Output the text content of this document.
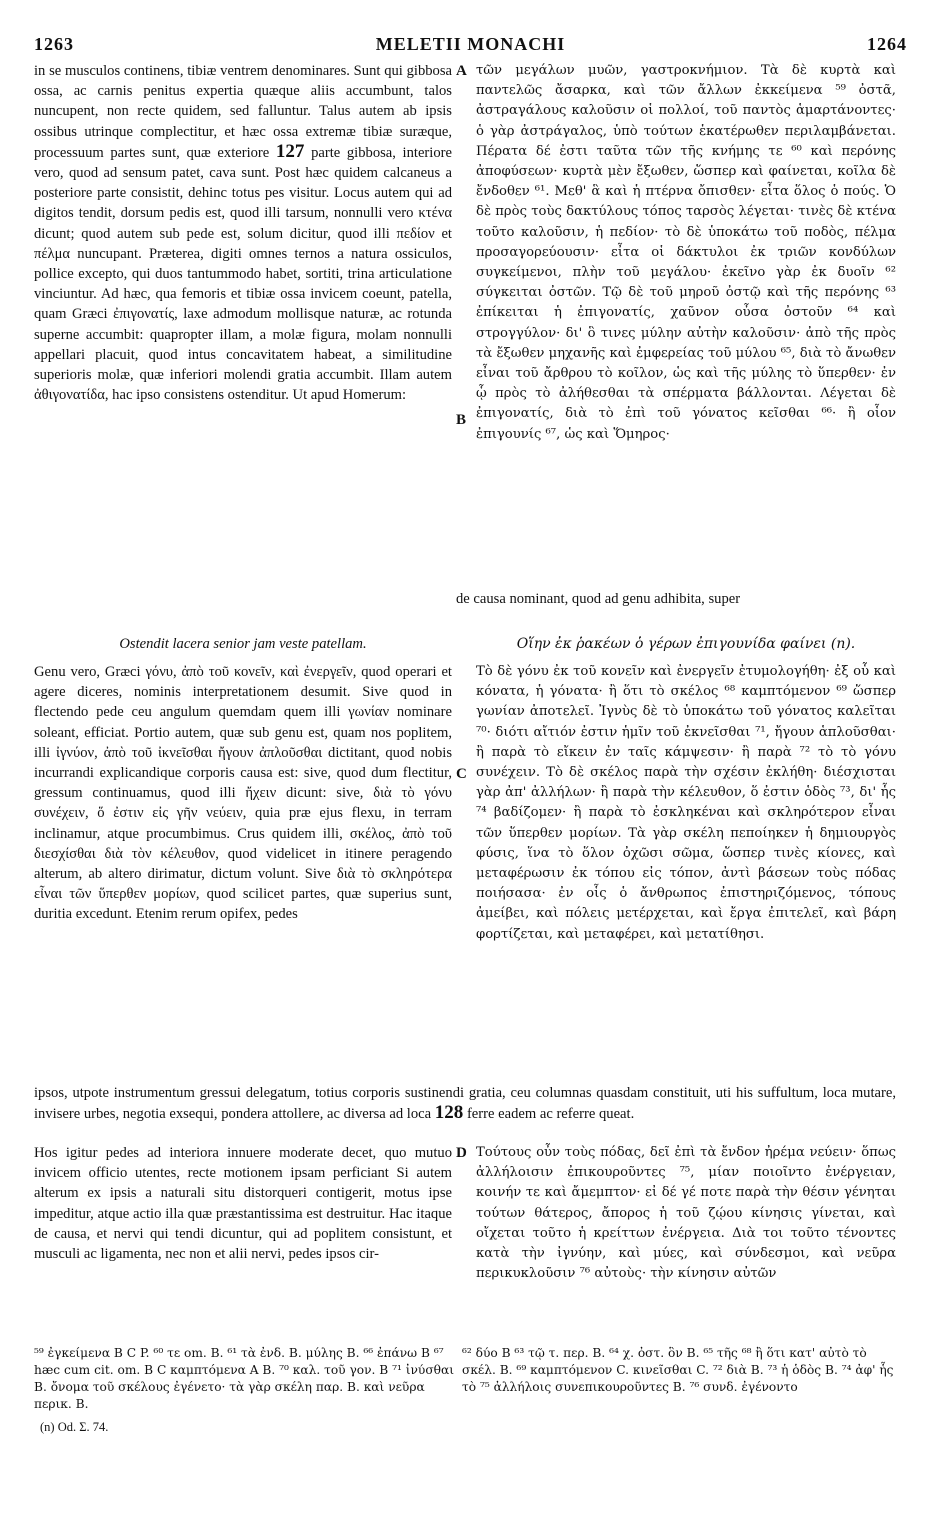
1263	MELETII MONACHI	1264

in se musculos continens, tibiæ ventrem denominares. Sunt qui gibbosa ossa, ac carnis penitus expertia quæque aliis accumbunt, talos nuncupent, non recte quidem, sed falluntur. Talus autem ab ipsis ossibus utrinque complectitur, et hæc ossa extremæ tibiæ suræque, processuum partes sunt, quæ exteriore 127 parte gibbosa, interiore vero, quod ad sensum patet, cava sunt. Post hæc quidem calcaneus a posteriore parte consistit, dehinc totus pes visitur. Locus autem qui ad digitos tendit, dorsum pedis est, quod illi tarsum, nonnulli vero κτένα dicunt; quod autem sub pede est, solum dicitur, quod illi πεδίον et πέλμα nuncupant. Præterea, digiti omnes ternos a natura ossiculos, pollice excepto, qui duos tantummodo habet, sortiti, trina articulatione vinciuntur. Ad hæc, qua femoris et tibiæ ossa invicem coeunt, patella, quam Græci ἐπιγονατίς, laxe admodum mollisque naturæ, ac rotunda superne accumbit: quapropter illam, a molæ figura, molam nonnulli appellari placuit, quod intus concavitatem habeat, a similitudine superioris molæ, quæ inferiori molendi gratia accumbit. Illam autem ἀθιγονατίδα, hac ipso consistens ostenditur. Ut apud Homerum:

τῶν μεγάλων μυῶν, γαστροκνήμιον. Τὰ δὲ κυρτὰ καὶ παντελῶς ἄσαρκα, καὶ τῶν ἄλλων ἐκκείμενα ⁵⁹ ὀστᾶ, ἀστραγάλους καλοῦσιν οἱ πολλοί, τοῦ παντὸς ἁμαρτάνοντες· ὁ γὰρ ἀστράγαλος, ὑπὸ τούτων ἑκατέρωθεν περιλαμβάνεται. Πέρατα δέ ἐστι ταῦτα τῶν τῆς κνήμης τε ⁶⁰ καὶ περόνης ἀποφύσεων· κυρτὰ μὲν ἔξωθεν, ὥσπερ καὶ φαίνεται, κοῖλα δὲ ἔνδοθεν ⁶¹. Μεθ' ἃ καὶ ἡ πτέρνα ὄπισθεν· εἶτα ὅλος ὁ πούς. Ὁ δὲ πρὸς τοὺς δακτύλους τόπος ταρσὸς λέγεται· τινὲς δὲ κτένα τοῦτο καλοῦσιν, ἡ πεδίον· τὸ δὲ ὑποκάτω τοῦ ποδὸς, πέλμα προσαγορεύουσιν· εἶτα οἱ δάκτυλοι ἐκ τριῶν κονδύλων συγκείμενοι, πλὴν τοῦ μεγάλου· ἐκεῖνο γὰρ ἐκ δυοῖν ⁶² σύγκειται ὀστῶν. Τῷ δὲ τοῦ μηροῦ ὀστῷ καὶ τῆς περόνης ⁶³ ἐπίκειται ἡ ἐπιγονατίς, χαῦνον οὖσα ὀστοῦν ⁶⁴ καὶ στρογγύλον· δι' ὃ τινες μύλην αὐτὴν καλοῦσιν· ἀπὸ τῆς πρὸς τὰ ἔξωθεν μηχανῆς καὶ ἐμφερείας τοῦ μύλου ⁶⁵, διὰ τὸ ἄνωθεν εἶναι τοῦ ἄρθρου τὸ κοῖλον, ὡς καὶ τῆς μύλης τὸ ὕπερθεν· ἐν ᾧ πρὸς τὸ ἀλήθεσθαι τὰ σπέρματα βάλλονται. Λέγεται δὲ ἐπιγονατίς, διὰ τὸ ἐπὶ τοῦ γόνατος κεῖσθαι ⁶⁶· ἢ οἷον ἐπιγουνίς ⁶⁷, ὡς καὶ Ὅμηρος·

de causa nominant, quod ad genu adhibita, super
Ostendit lacera senior jam veste patellam.	Οἵην ἐκ ῥακέων ὁ γέρων ἐπιγουνίδα φαίνει (n).

Genu vero, Græci γόνυ, ἀπὸ τοῦ κονεῖν, καὶ ἐνεργεῖν, quod operari et agere diceres, nominis interpretationem desumit. Sive quod in flectendo pede ceu angulum quemdam quem illi γωνίαν nominare soleant, efficiat. Portio autem, quæ sub genu est, quam nos poplitem, illi ἰγνύον, ἀπὸ τοῦ ἰκνεῖσθαι ἤγουν ἀπλοῦσθαι dictitant, quod nobis incurrandi explicandique corporis causa est: sive, quod dum flectitur, gressum continuamus, quod illi ἤχειν dicunt: sive, διὰ τὸ γόνυ συνέχειν, ὅ ἐστιν εἰς γῆν νεύειν, quia præ ejus flexu, in terram inclinamur, atque procumbimus. Crus quidem illi, σκέλος, ἀπὸ τοῦ διεσχίσθαι διὰ τὸν κέλευθον, quod videlicet in itinere peragendo alterum, ab altero dirimatur, dictum volunt. Sive διὰ τὸ σκληρότερα εἶναι τῶν ὕπερθεν μορίων, quod scilicet partes, quæ superius sunt, duritia excedunt. Etenim rerum opifex, pedes

Τὸ δὲ γόνυ ἐκ τοῦ κονεῖν καὶ ἐνεργεῖν ἐτυμολογήθη· ἐξ οὗ καὶ κόνατα, ἡ γόνατα· ἢ ὅτι τὸ σκέλος ⁶⁸ καμπτόμενον ⁶⁹ ὥσπερ γωνίαν ἀποτελεῖ. Ἰγνὺς δὲ τὸ ὑποκάτω τοῦ γόνατος καλεῖται ⁷⁰· διότι αἴτιόν ἐστιν ἡμῖν τοῦ ἐκνεῖσθαι ⁷¹, ἤγουν ἁπλοῦσθαι· ἢ παρὰ τὸ εἴκειν ἐν ταῖς κάμψεσιν· ἢ παρὰ ⁷² τὸ τὸ γόνυ συνέχειν. Τὸ δὲ σκέλος παρὰ τὴν σχέσιν ἐκλήθη· διέσχισται γὰρ ἀπ' ἀλλήλων· ἢ παρὰ τὴν κέλευθον, ὅ ἐστιν ὁδὸς ⁷³, δι' ἧς ⁷⁴ βαδίζομεν· ἢ παρὰ τὸ ἐσκληκέναι καὶ σκληρότερον εἶναι τῶν ὕπερθεν μορίων. Τὰ γὰρ σκέλη πεποίηκεν ἡ δημιουργὸς φύσις, ἵνα τὸ ὅλον ὀχῶσι σῶμα, ὥσπερ τινὲς κίονες, καὶ μεταφέρωσιν ἐκ τόπου εἰς τόπον, ἀντὶ βάσεων τοὺς πόδας ποιήσασα· ἐν οἷς ὁ ἄνθρωπος ἐπιστηριζόμενος, τόπους ἀμείβει, καὶ πόλεις μετέρχεται, καὶ ἔργα ἐπιτελεῖ, καὶ βάρη φορτίζεται, καὶ μεταφέρει, καὶ μετατίθησι.

ipsos, utpote instrumentum gressui delegatum, totius corporis sustinendi gratia, ceu columnas quasdam constituit, uti his suffultum, loca mutare, invisere urbes, negotia exsequi, pondera attollere, ac diversa ad loca 128 ferre eadem ac referre queat.

Hos igitur pedes ad interiora innuere moderate decet, quo mutuo invicem officio utentes, recte motionem ipsam perficiant Si autem alterum ex ipsis a naturali situ distorqueri contigerit, motus ipse impeditur, atque actio illa quæ præstantissima est destruitur. Hac itaque de causa, et nervi qui tendi dicuntur, qui ad poplitem consistunt, et musculi ac ligamenta, nec non et alii nervi, pedes ipsos cir-

Τούτους οὖν τοὺς πόδας, δεῖ ἐπὶ τὰ ἔνδον ἠρέμα νεύειν· ὅπως ἀλλήλοισιν ἐπικουροῦντες ⁷⁵, μίαν ποιοῖντο ἐνέργειαν, κοινήν τε καὶ ἄμεμπτον· εἰ δέ γέ ποτε παρὰ τὴν θέσιν γένηται τούτων θάτερος, ἄπορος ἡ τοῦ ζῴου κίνησις γίνεται, καὶ οἴχεται τοῦτο ἡ κρείττων ἐνέργεια. Διὰ τοι τοῦτο τένοντες κατὰ τὴν ἰγνύην, καὶ μύες, καὶ σύνδεσμοι, καὶ νεῦρα περικυκλοῦσιν ⁷⁶ αὐτοὺς· τὴν κίνησιν αὐτῶν

A
B
C
D
⁵⁹ ἐγκείμενα B C P. ⁶⁰ τε om. B. ⁶¹ τὰ ἐνδ. B. μύλης B. ⁶⁶ ἐπάνω B ⁶⁷ hæc cum cit. om. B C καμπτόμενα A B. ⁷⁰ καλ. τοῦ γον. B ⁷¹ ἰνύσθαι B. ὄνομα τοῦ σκέλους ἐγένετο· τὰ γὰρ σκέλη παρ. B. καὶ νεῦρα περικ. B.
⁶² δύο B ⁶³ τῷ τ. περ. B. ⁶⁴ χ. ὀστ. ὃν B. ⁶⁵ τῆς ⁶⁸ ἢ ὅτι κατ' αὐτὸ τὸ σκέλ. B. ⁶⁹ καμπτόμενον C. κινεῖσθαι C. ⁷² διὰ B. ⁷³ ἡ ὁδὸς B. ⁷⁴ ἀφ' ἧς τὸ ⁷⁵ ἀλλήλοις συνεπικουροῦντες B. ⁷⁶ συνδ. ἐγένοντο
(n) Od. Σ. 74.
